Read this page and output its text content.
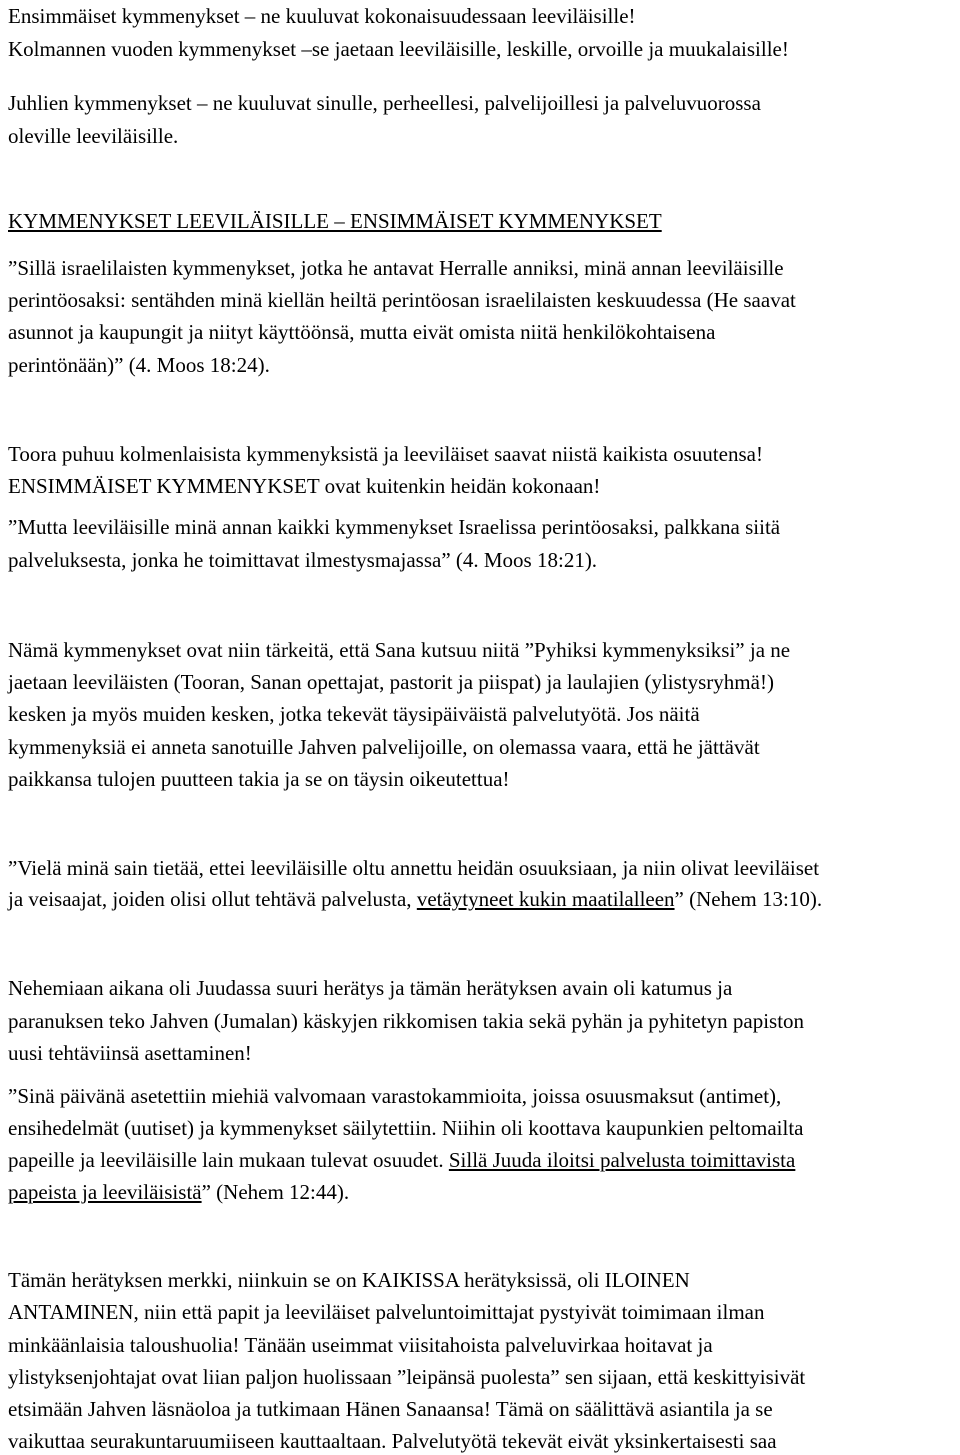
Ensimmäiset kymmenykset – ne kuuluvat kokonaisuudessaan leeviläisille!

Kolmannen vuoden kymmenykset –se jaetaan leeviläisille, leskille, orvoille ja muukalaisille!

Juhlien kymmenykset – ne kuuluvat sinulle, perheellesi, palvelijoillesi ja palveluvuorossa

oleville leeviläisille.

KYMMENYKSET LEEVILÄISILLE – ENSIMMÄISET KYMMENYKSET

”Sillä israelilaisten kymmenykset, jotka he antavat Herralle anniksi, minä annan leeviläisille

perintöosaksi: sentähden minä kiellän heiltä perintöosan israelilaisten keskuudessa (He saavat

asunnot ja kaupungit ja niityt käyttöönsä, mutta eivät omista niitä henkilökohtaisena

perintönään)” (4. Moos 18:24).

Toora puhuu kolmenlaisista kymmenyksistä ja leeviläiset saavat niistä kaikista osuutensa!

ENSIMMÄISET KYMMENYKSET ovat kuitenkin heidän kokonaan!

”Mutta leeviläisille minä annan kaikki kymmenykset Israelissa perintöosaksi, palkkana siitä

palveluksesta, jonka he toimittavat ilmestysmajassa” (4. Moos 18:21).

Nämä kymmenykset ovat niin tärkeitä, että Sana kutsuu niitä ”Pyhiksi kymmenyksiksi” ja ne

jaetaan leeviläisten (Tooran, Sanan opettajat, pastorit ja piispat) ja laulajien (ylistysryhmä!)

kesken ja myös muiden kesken, jotka tekevät täysipäiväistä palvelutyötä. Jos näitä

kymmenyksiä ei anneta sanotuille Jahven palvelijoille, on olemassa vaara, että he jättävät

paikkansa tulojen puutteen takia ja se on täysin oikeutettua!

”Vielä minä sain tietää, ettei leeviläisille oltu annettu heidän osuuksiaan, ja niin olivat leeviläiset

ja veisaajat, joiden olisi ollut tehtävä palvelusta, vetäytyneet kukin maatilalleen” (Nehem 13:10).

Nehemiaan aikana oli Juudassa suuri herätys ja tämän herätyksen avain oli katumus ja

paranuksen teko Jahven (Jumalan) käskyjen rikkomisen takia sekä pyhän ja pyhitetyn papiston

uusi tehtäviinsä asettaminen!

”Sinä päivänä asetettiin miehiä valvomaan varastokammioita, joissa osuusmaksut (antimet),

ensihedelmät (uutiset) ja kymmenykset säilytettiin. Niihin oli koottava kaupunkien peltomailta

papeille ja leeviläisille lain mukaan tulevat osuudet. Sillä Juuda iloitsi palvelusta toimittavista

papeista ja leeviläisistä” (Nehem 12:44).

Tämän herätyksen merkki, niinkuin se on KAIKISSA herätyksissä, oli ILOINEN

ANTAMINEN, niin että papit ja leeviläiset palveluntoimittajat pystyivät toimimaan ilman

minkäänlaisia taloushuolia! Tänään useimmat viisitahoista palveluvirkaa hoitavat ja

ylistyksenjohtajat ovat liian paljon huolissaan ”leipänsä puolesta” sen sijaan, että keskittyisivät

etsimään Jahven läsnäoloa ja tutkimaan Hänen Sanaansa! Tämä on säälittävä asiantila ja se

vaikuttaa seurakuntaruumiiseen kauttaaltaan. Palvelutyötä tekevät eivät yksinkertaisesti saa
